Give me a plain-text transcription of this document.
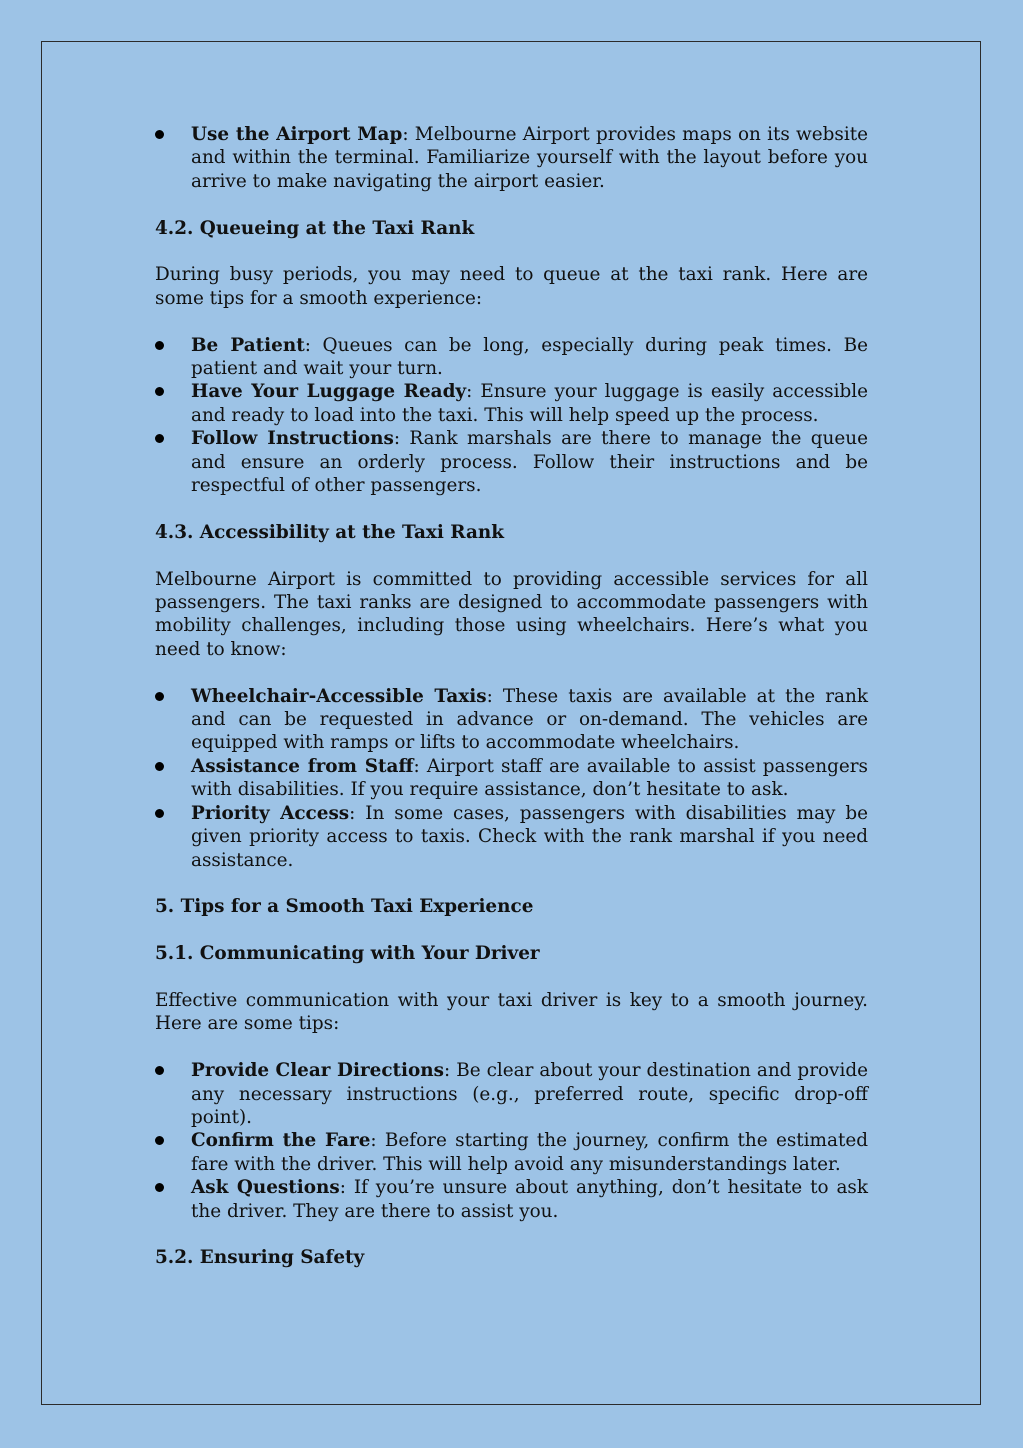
Use the Airport Map: Melbourne Airport provides maps on its website and within the terminal. Familiarize yourself with the layout before you arrive to make navigating the airport easier.
4.2. Queueing at the Taxi Rank

During busy periods, you may need to queue at the taxi rank. Here are some tips for a smooth experience:

Be Patient: Queues can be long, especially during peak times. Be patient and wait your turn.
Have Your Luggage Ready: Ensure your luggage is easily accessible and ready to load into the taxi. This will help speed up the process.
Follow Instructions: Rank marshals are there to manage the queue and ensure an orderly process. Follow their instructions and be respectful of other passengers.
4.3. Accessibility at the Taxi Rank

Melbourne Airport is committed to providing accessible services for all passengers. The taxi ranks are designed to accommodate passengers with mobility challenges, including those using wheelchairs. Here’s what you need to know:

Wheelchair-Accessible Taxis: These taxis are available at the rank and can be requested in advance or on-demand. The vehicles are equipped with ramps or lifts to accommodate wheelchairs.
Assistance from Staff: Airport staff are available to assist passengers with disabilities. If you require assistance, don’t hesitate to ask.
Priority Access: In some cases, passengers with disabilities may be given priority access to taxis. Check with the rank marshal if you need assistance.
5. Tips for a Smooth Taxi Experience
5.1. Communicating with Your Driver

Effective communication with your taxi driver is key to a smooth journey. Here are some tips:

Provide Clear Directions: Be clear about your destination and provide any necessary instructions (e.g., preferred route, specific drop-off point).
Confirm the Fare: Before starting the journey, confirm the estimated fare with the driver. This will help avoid any misunderstandings later.
Ask Questions: If you’re unsure about anything, don’t hesitate to ask the driver. They are there to assist you.
5.2. Ensuring Safety
